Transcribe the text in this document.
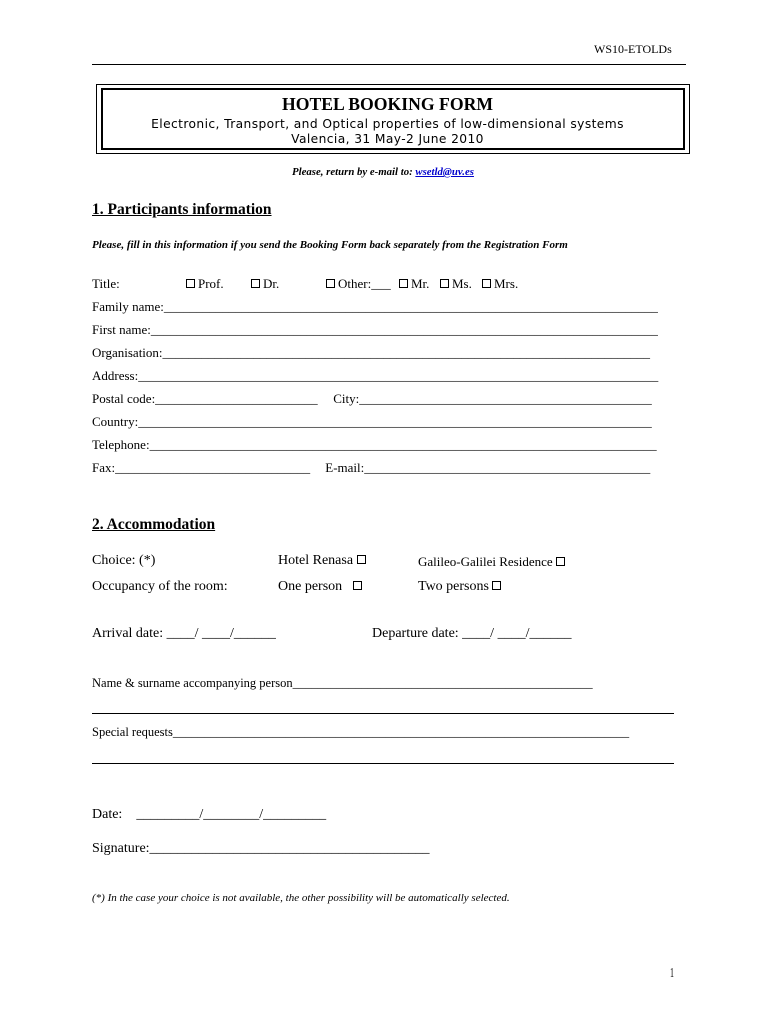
WS10-ETOLDs
HOTEL BOOKING FORM
Electronic, Transport, and Optical properties of low-dimensional systems
Valencia, 31 May-2 June 2010
Please, return by e-mail to: wsetld@uv.es
1. Participants information
Please, fill in this information if you send the Booking Form back separately from the Registration Form
Title:	Prof.	Dr.	Other:___	Mr.	Ms.	Mrs.
Family name:____________________________________________________________________________
First name:______________________________________________________________________________
Organisation:___________________________________________________________________________
Address:________________________________________________________________________________
Postal code:_________________________ City:_____________________________________________
Country:_______________________________________________________________________________
Telephone:______________________________________________________________________________
Fax:______________________________ E-mail:____________________________________________
2. Accommodation
Choice: (*)	Hotel Renasa	Galileo-Galilei Residence
Occupancy of the room:	One person	Two persons
Arrival date: ____/ ____/______	Departure date: ____/ ____/______
Name & surname accompanying person________________________________________________
Special requests_________________________________________________________________________
Date:    _________/________/_________
Signature:________________________________________
(*) In the case your choice is not available, the other possibility will be automatically selected.
1
